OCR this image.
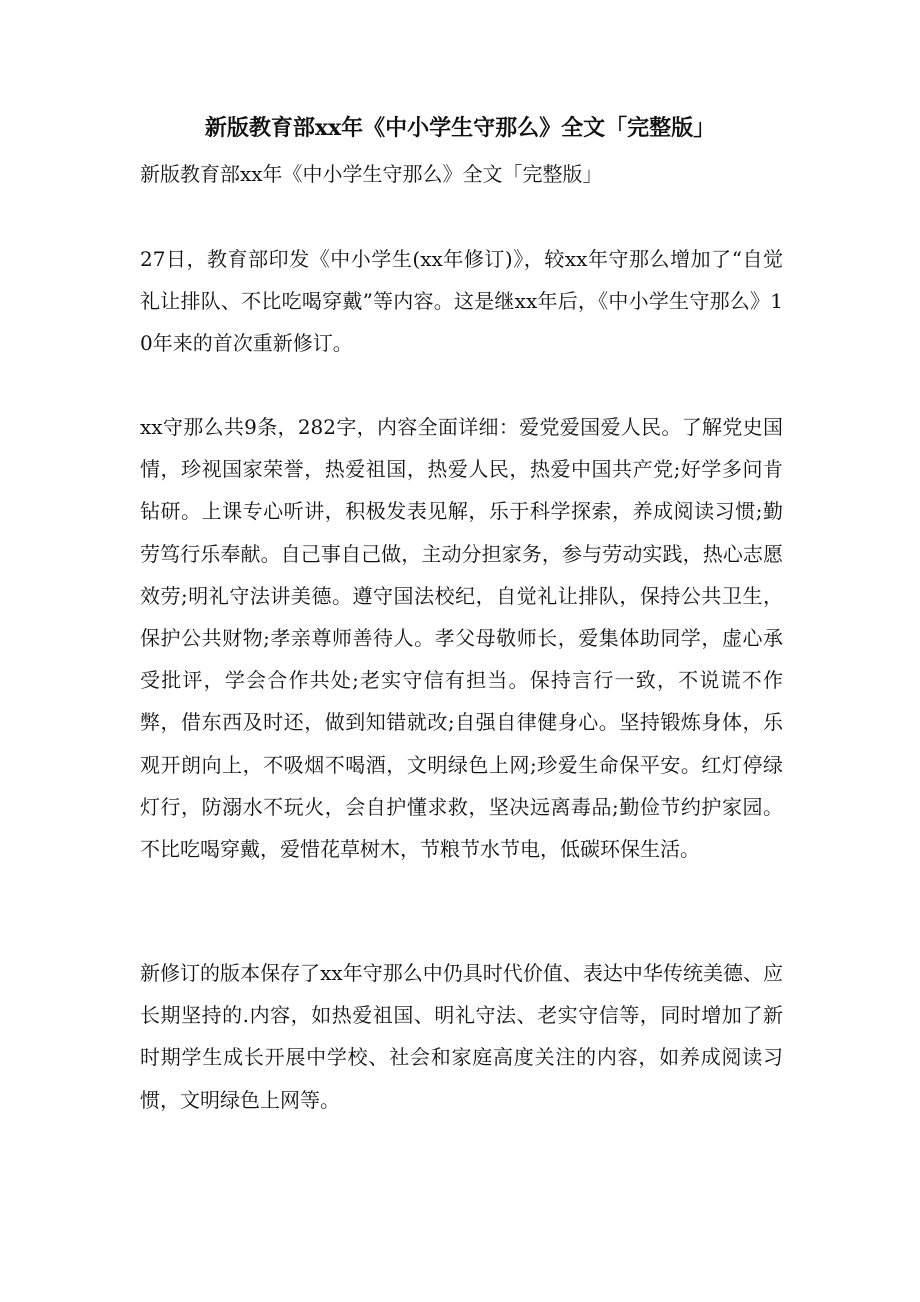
新版教育部xx年《中小学生守那么》全文「完整版」

新版教育部xx年《中小学生守那么》全文「完整版」

27日，教育部印发《中小学生(xx年修订)》，较xx年守那么增加了“自觉礼让排队、不比吃喝穿戴”等内容。这是继xx年后，《中小学生守那么》10年来的首次重新修订。

xx守那么共9条，282字，内容全面详细：爱党爱国爱人民。了解党史国情，珍视国家荣誉，热爱祖国，热爱人民，热爱中国共产党;好学多问肯钻研。上课专心听讲，积极发表见解，乐于科学探索，养成阅读习惯;勤劳笃行乐奉献。自己事自己做，主动分担家务，参与劳动实践，热心志愿效劳;明礼守法讲美德。遵守国法校纪，自觉礼让排队，保持公共卫生，保护公共财物;孝亲尊师善待人。孝父母敬师长，爱集体助同学，虚心承受批评，学会合作共处;老实守信有担当。保持言行一致，不说谎不作弊，借东西及时还，做到知错就改;自强自律健身心。坚持锻炼身体，乐观开朗向上，不吸烟不喝酒，文明绿色上网;珍爱生命保平安。红灯停绿灯行，防溺水不玩火，会自护懂求救，坚决远离毒品;勤俭节约护家园。不比吃喝穿戴，爱惜花草树木，节粮节水节电，低碳环保生活。

新修订的版本保存了xx年守那么中仍具时代价值、表达中华传统美德、应长期坚持的.内容，如热爱祖国、明礼守法、老实守信等，同时增加了新时期学生成长开展中学校、社会和家庭高度关注的内容，如养成阅读习惯，文明绿色上网等。
